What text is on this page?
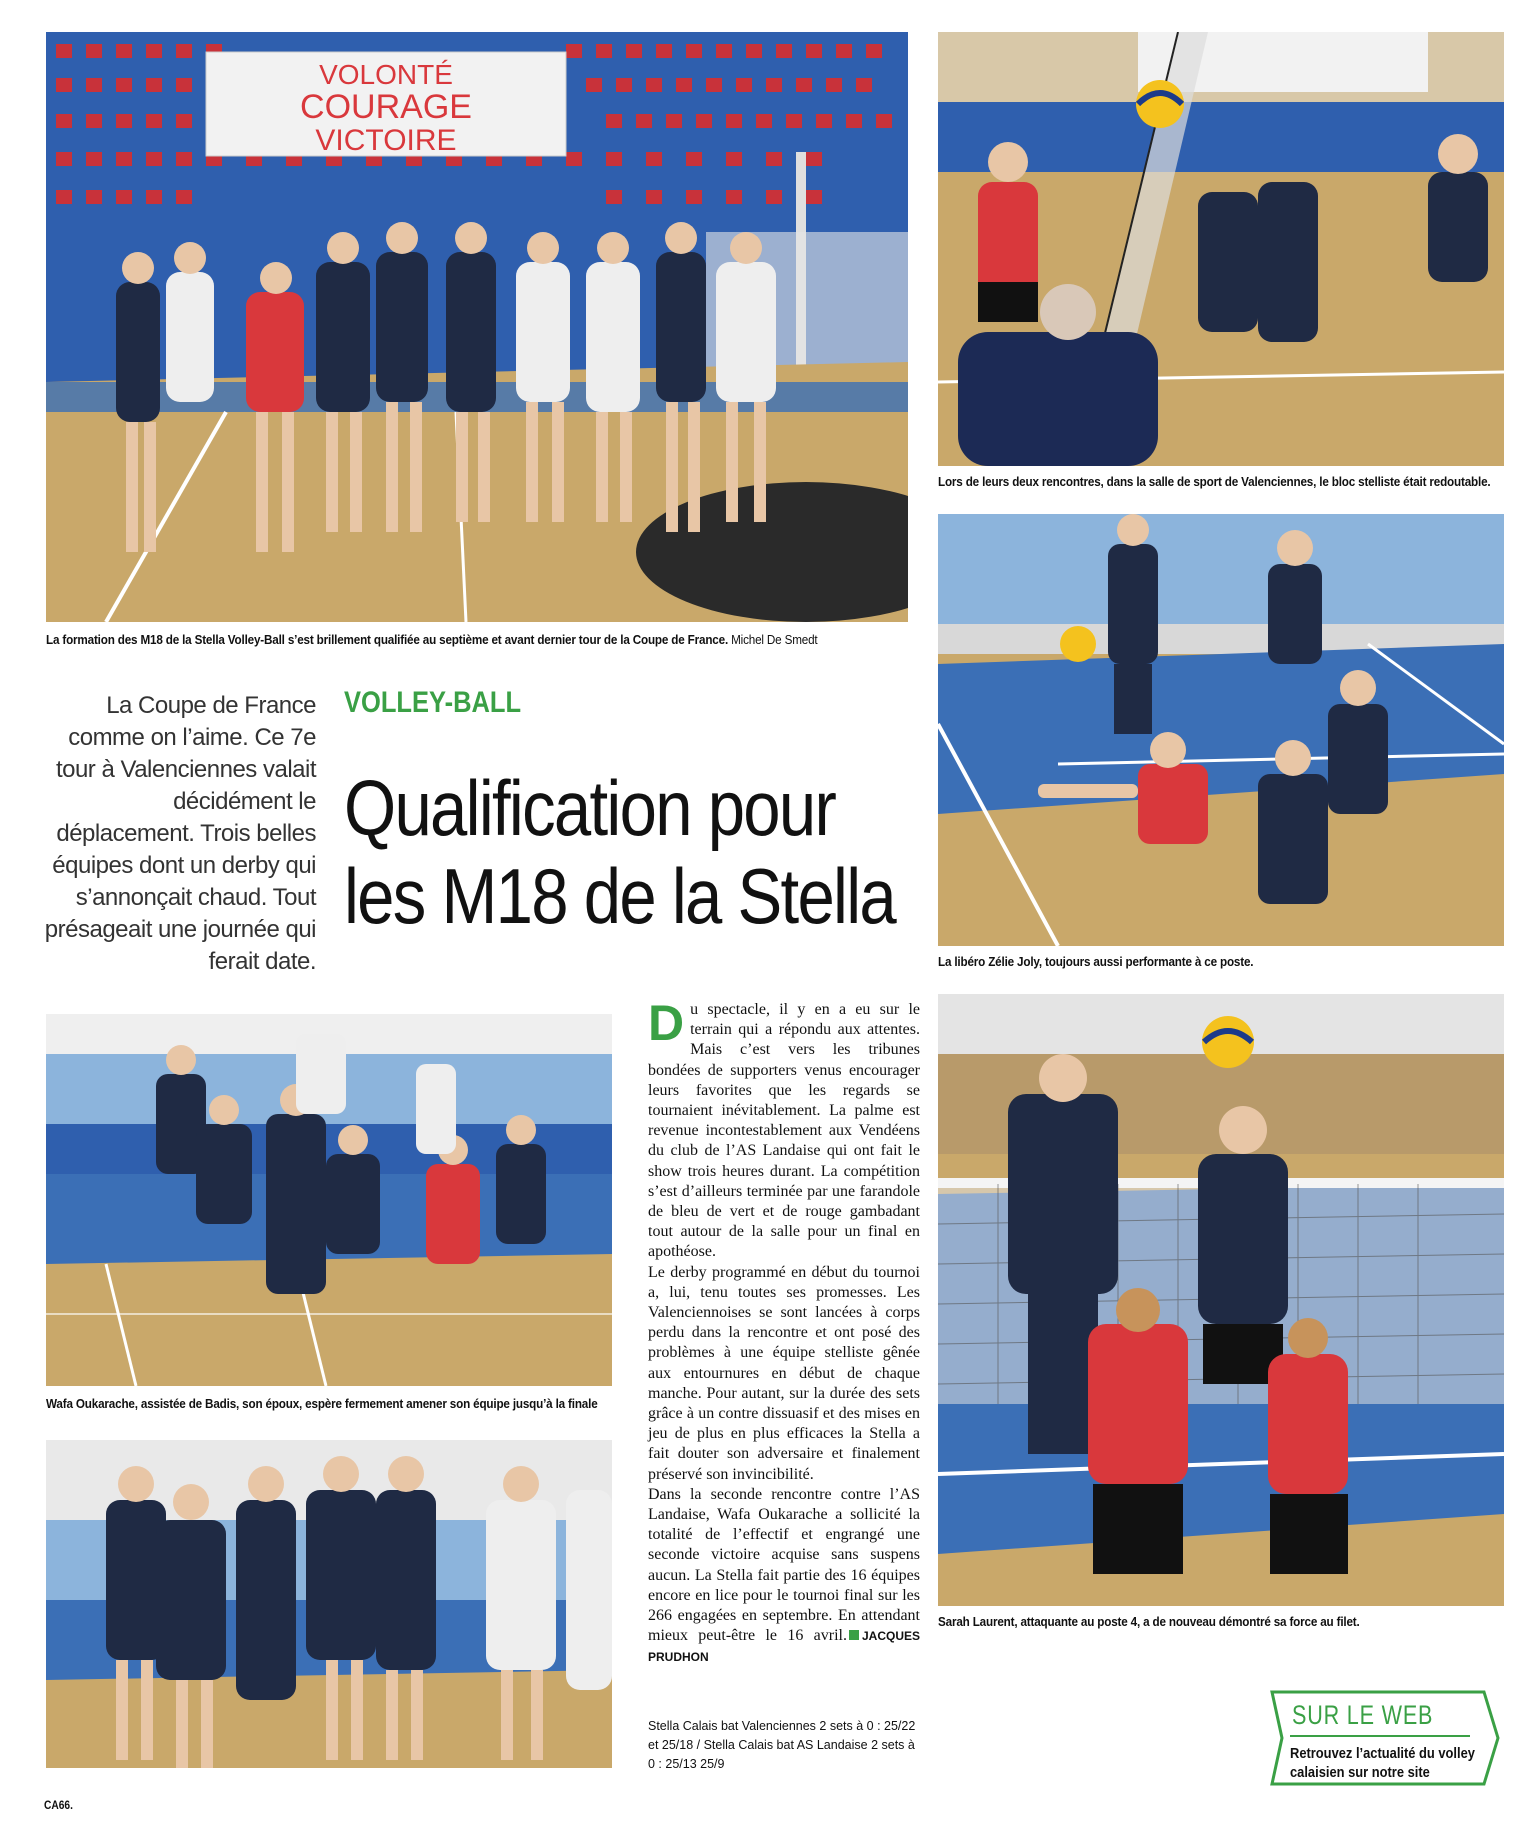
VOLONTÉ
COURAGE
VICTOIRE
La formation des M18 de la Stella Volley-Ball s’est brillement qualifiée au septième et avant dernier tour de la Coupe de France. Michel De Smedt
Lors de leurs deux rencontres, dans la salle de sport de Valenciennes, le bloc stelliste était redoutable.
La libéro Zélie Joly, toujours aussi performante à ce poste.
Sarah Laurent, attaquante au poste 4, a de nouveau démontré sa force au filet.
Wafa Oukarache, assistée de Badis, son époux, espère fermement amener son équipe jusqu’à la finale
La Coupe de France comme on l’aime. Ce 7e tour à Valenciennes valait décidément le déplacement. Trois belles équipes dont un derby qui s’annonçait chaud. Tout présageait une journée qui ferait date.
VOLLEY-BALL
Qualification pour
les M18 de la Stella

Du spectacle, il y en a eu sur le terrain qui a répondu aux attentes. Mais c’est vers les tribunes bondées de supporters venus encourager leurs favorites que les regards se tournaient inévitablement. La palme est revenue incontestablement aux Vendéens du club de l’AS Landaise qui ont fait le show trois heures durant. La compétition s’est d’ailleurs terminée par une farandole de bleu de vert et de rouge gambadant tout autour de la salle pour un final en apothéose.

Le derby programmé en début du tournoi a, lui, tenu toutes ses promesses. Les Valenciennoises se sont lancées à corps perdu dans la rencontre et ont posé des problèmes à une équipe stelliste gênée aux entournures en début de chaque manche. Pour autant, sur la durée des sets grâce à un contre dissuasif et des mises en jeu de plus en plus efficaces la Stella a fait douter son adversaire et finalement préservé son invincibilité.

Dans la seconde rencontre contre l’AS Landaise, Wafa Oukarache a sollicité la totalité de l’effectif et engrangé une seconde victoire acquise sans suspens aucun. La Stella fait partie des 16 équipes encore en lice pour le tournoi final sur les 266 engagées en septembre. En attendant mieux peut-être le 16 avril. JACQUES PRUDHON

Stella Calais bat Valenciennes 2 sets à 0 : 25/22 et 25/18 / Stella Calais bat AS Landaise 2 sets à 0 : 25/13 25/9
SUR LE WEB
Retrouvez l’actualité du volley
calaisien sur notre site
CA66.
